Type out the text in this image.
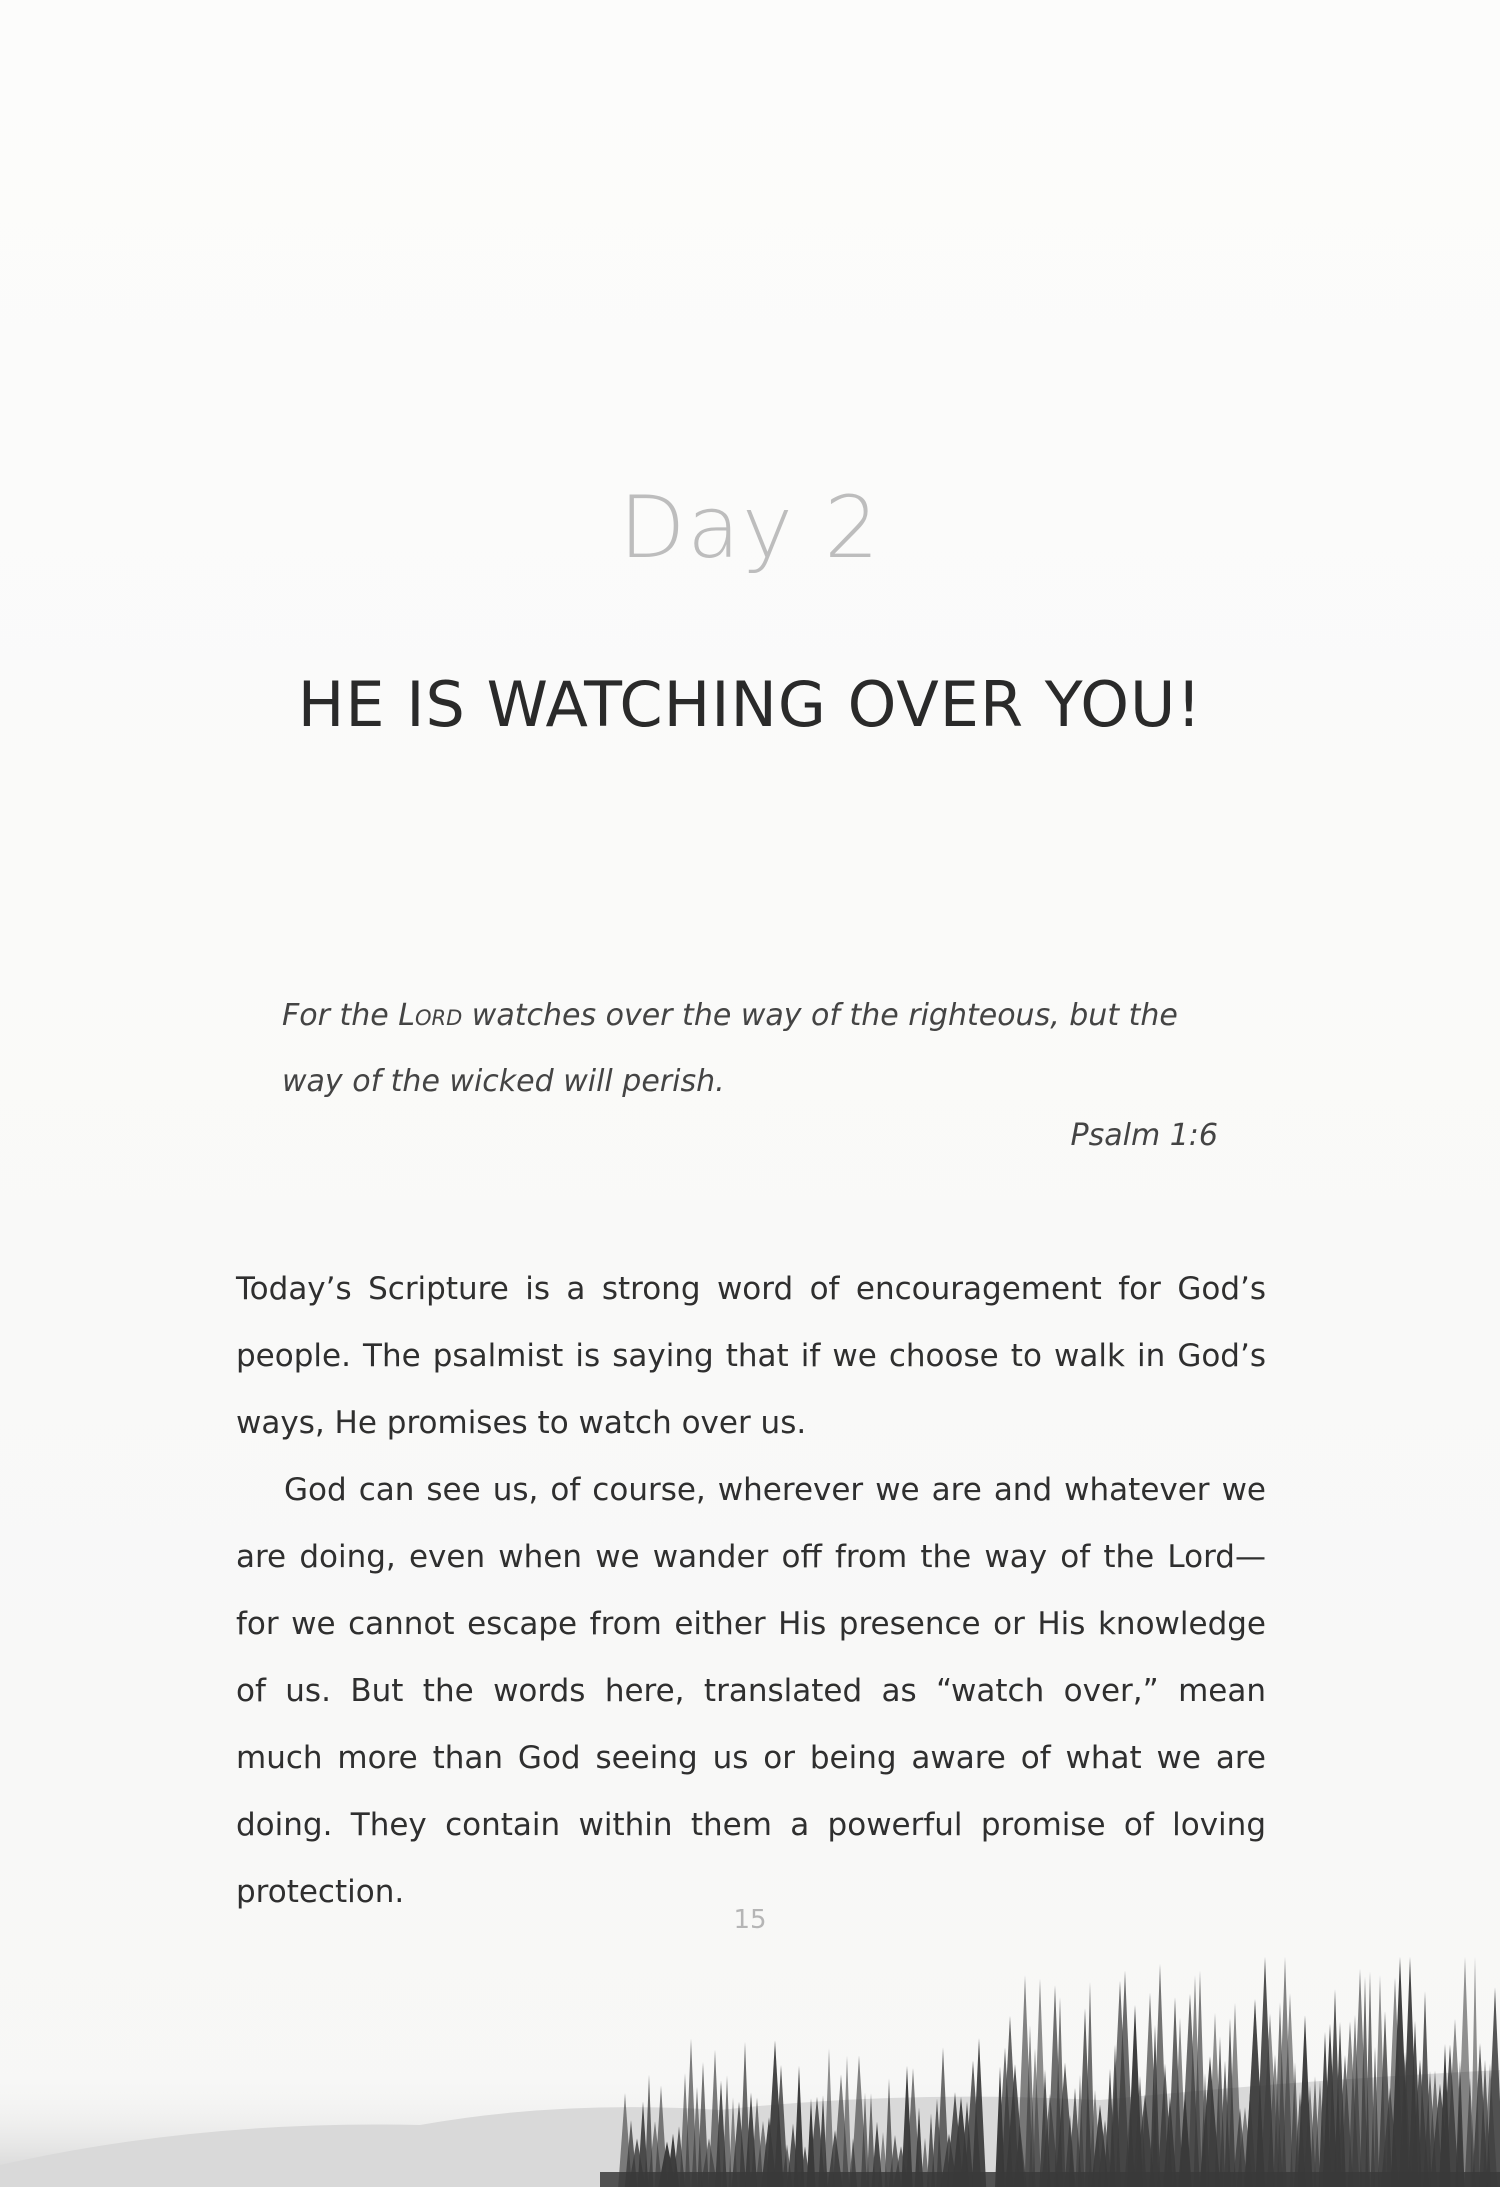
Day 2
HE IS WATCHING OVER YOU!
For the Lord watches over the way of the righteous, but the way of the wicked will perish.
Psalm 1:6

Today’s Scripture is a strong word of encouragement for God’s people. The psalmist is saying that if we choose to walk in God’s ways, He promises to watch over us.

God can see us, of course, wherever we are and whatever we are doing, even when we wander off from the way of the Lord—for we cannot escape from either His presence or His knowledge of us. But the words here, translated as “watch over,” mean much more than God seeing us or being aware of what we are doing. They contain within them a powerful promise of loving protection.

15
